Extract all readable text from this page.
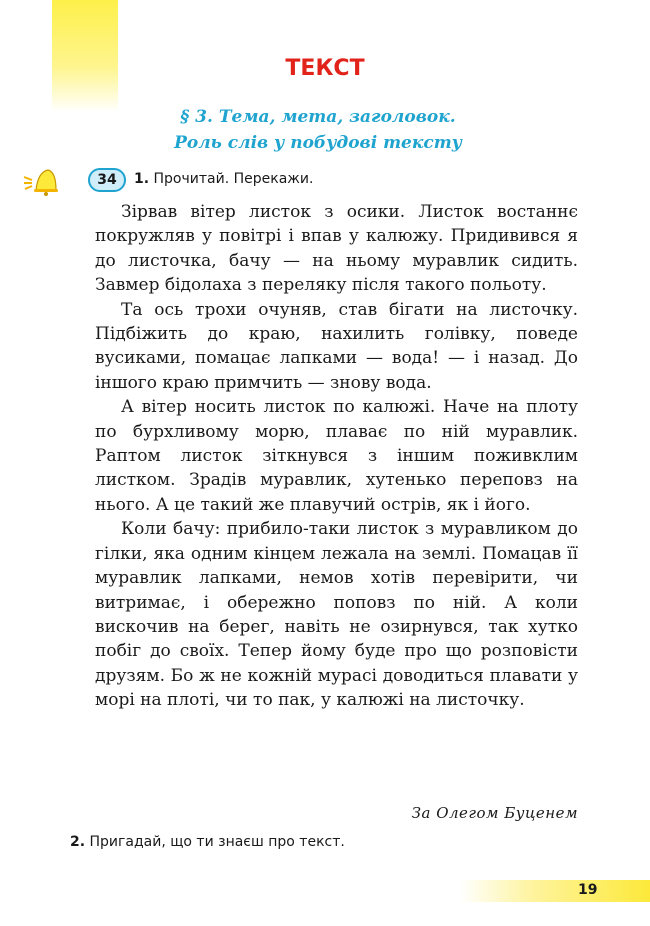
ТЕКСТ
§ 3. Тема, мета, заголовок.
Роль слів у побудові тексту
34	1. Прочитай. Перекажи.

Зірвав вітер листок з осики. Листок востаннє покружляв у повітрі і впав у калюжу. Придивився я до листочка, бачу — на ньому муравлик сидить. Завмер бідолаха з переляку після такого польоту.

Та ось трохи очуняв, став бігати на листочку. Підбіжить до краю, нахилить голівку, поведе вусиками, помацає лапками — вода! — і назад. До іншого краю примчить — знову вода.

А вітер носить листок по калюжі. Наче на плоту по бурхливому морю, плаває по ній муравлик. Раптом листок зіткнувся з іншим поживклим листком. Зрадів муравлик, хутенько переповз на нього. А це такий же плавучий острів, як і його.

Коли бачу: прибило-таки листок з муравликом до гілки, яка одним кінцем лежала на землі. Помацав її муравлик лапками, немов хотів перевірити, чи витримає, і обережно поповз по ній. А коли вискочив на берег, навіть не озирнувся, так хутко побіг до своїх. Тепер йому буде про що розповісти друзям. Бо ж не кожній мурасі доводиться плавати у морі на плоті, чи то пак, у калюжі на листочку.

За Олегом Буценем
2. Пригадай, що ти знаєш про текст.
19
